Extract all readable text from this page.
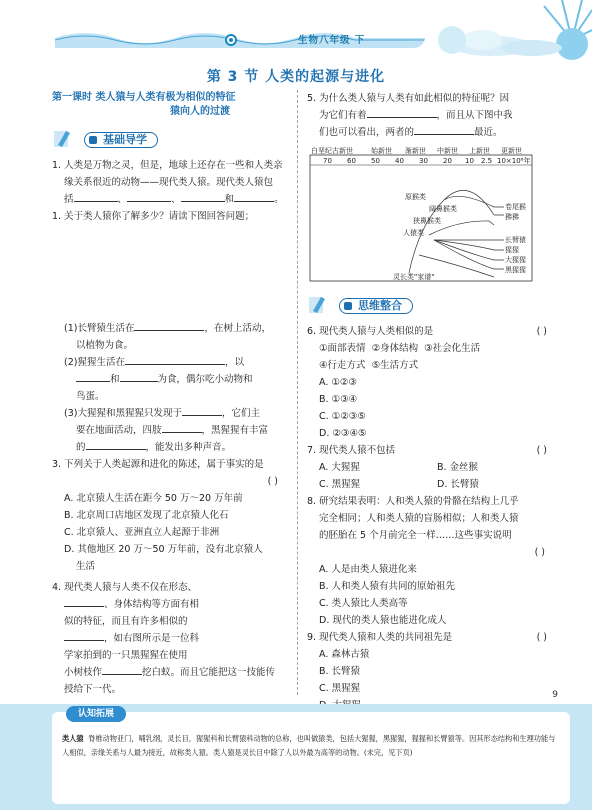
生物八年级 下
第 3 节 人类的起源与进化
第一课时 类人猿与人类有极为相似的特征
猿向人的过渡
基础导学
1. 人类是万物之灵，但是，地球上还存在一些和人类亲
缘关系很近的动物——现代类人猿。现代类人猿包
括	、	、	和	。
1. 关于类人猿你了解多少？请读下图回答问题；
(1)长臂猿生活在	，在树上活动，
以植物为食。
(2)猩猩生活在	，以
和	为食，偶尔吃小动物和
鸟蛋。
(3)大猩猩和黑猩猩只发现于	，它们主
要在地面活动，四肢	，黑猩猩有丰富
的	，能发出多种声音。
3. 下列关于人类起源和进化的陈述，属于事实的是
( )
A. 北京猿人生活在距今 50 万～20 万年前
B. 北京周口店地区发现了北京猿人化石
C. 北京猿人、亚洲直立人起源于非洲
D. 其他地区 20 万～50 万年前，没有北京猿人
生活
4. 现代类人猿与人类不仅在形态、
、身体结构等方面有相
似的特征，而且有许多相似的
，如右图所示是一位科
学家拍到的一只黑猩猩在使用
小树枝作	挖白蚁。而且它能把这一技能传
授给下一代。
5. 为什么类人猿与人类有如此相似的特征呢？因
为它们有着	，而且从下图中我
们也可以看出，两者的	最近。
白垩纪古新世	始新世 渐新世 中新世 上新世 更新世
70 60 50 40 30 20 10 2.5 10×10⁶年
原猴类
阔鼻猴类
狭鼻猴类
人猿类
卷尾猴
狒狒
长臂猿
猩猩
大猩猩
黑猩猩
灵长类"家谱"
思维整合
6. 现代类人猿与人类相似的是	( )
①面部表情 ②身体结构 ③社会化生活
④行走方式 ⑤生活方式
A. ①②③
B. ①③④
C. ①②③⑤
D. ②③④⑤
7. 现代类人猿不包括	( )
A. 大猩猩	B. 金丝猴
C. 黑猩猩	D. 长臂猿
8. 研究结果表明：人和类人猿的骨骼在结构上几乎
完全相同；人和类人猿的盲肠相似；人和类人猿
的胚胎在 5 个月前完全一样……这些事实说明
( )
A. 人是由类人猿进化来
B. 人和类人猿有共同的原始祖先
C. 类人猿比人类高等
D. 现代的类人猿也能进化成人
9. 现代类人猿和人类的共同祖先是	( )
A. 森林古猿
B. 长臂猿
C. 黑猩猩
9
认知拓展
类人猿 脊椎动物亚门，哺乳纲，灵长目，猩猩科和长臂猿科动物的总称，也叫做猿类，包括大猩猩，黑猩猩，猩猩和长臂猿等。因其形态结构和生理功能与人相似，亲缘关系与人最为接近，故称类人猿。类人猿是灵长目中除了人以外最为高等的动物。(未完，见下页)
